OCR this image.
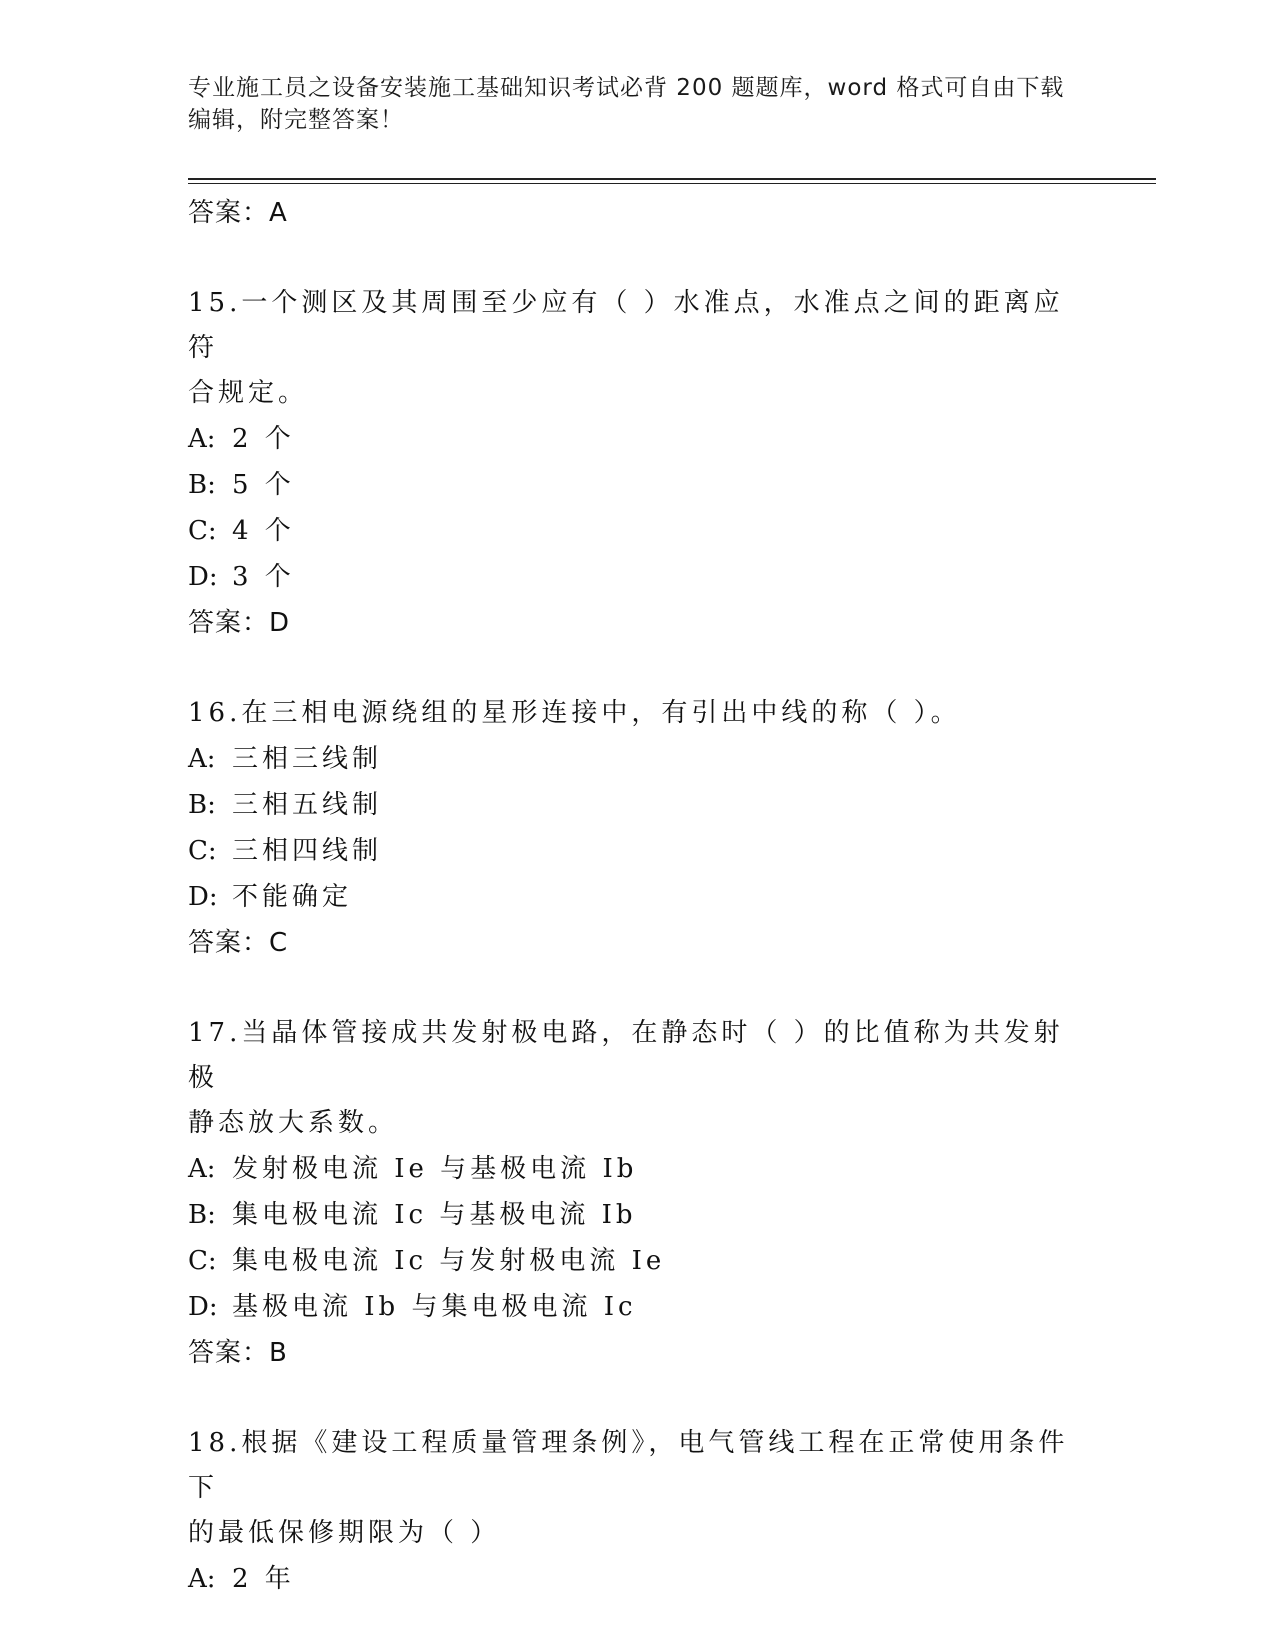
专业施工员之设备安装施工基础知识考试必背 200 题题库，word 格式可自由下载
编辑，附完整答案！

答案：A

15.一个测区及其周围至少应有（ ）水准点，水准点之间的距离应符

合规定。

A: 2 个

B: 5 个

C: 4 个

D: 3 个

答案：D

16.在三相电源绕组的星形连接中，有引出中线的称（ ）。

A: 三相三线制

B: 三相五线制

C: 三相四线制

D: 不能确定

答案：C

17.当晶体管接成共发射极电路，在静态时（ ）的比值称为共发射极

静态放大系数。

A: 发射极电流 Ie 与基极电流 Ib

B: 集电极电流 Ic 与基极电流 Ib

C: 集电极电流 Ic 与发射极电流 Ie

D: 基极电流 Ib 与集电极电流 Ic

答案：B

18.根据《建设工程质量管理条例》，电气管线工程在正常使用条件下

的最低保修期限为（ ）

A: 2 年
